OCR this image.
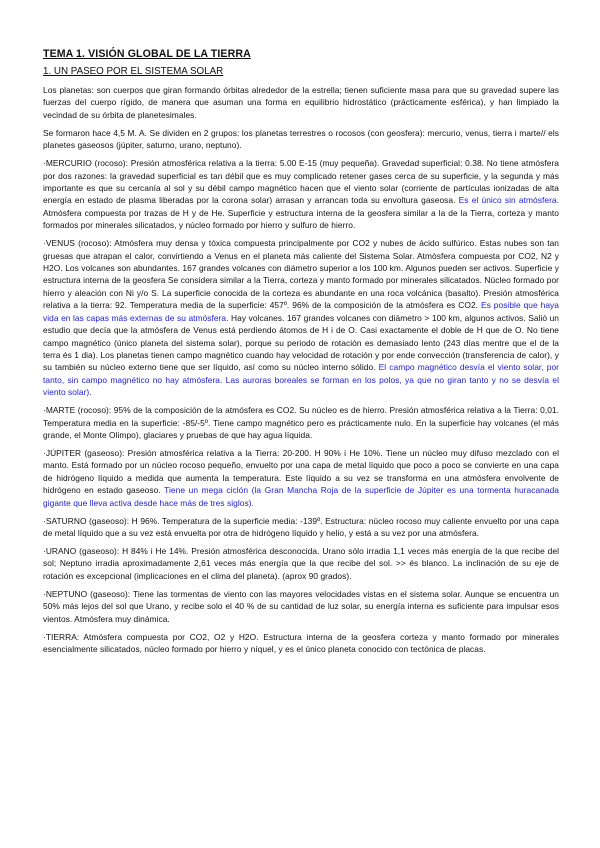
TEMA 1. VISIÓN GLOBAL DE LA TIERRA
1. UN PASEO POR EL SISTEMA SOLAR

Los planetas: son cuerpos que giran formando órbitas alrededor de la estrella; tienen suficiente masa para que su gravedad supere las fuerzas del cuerpo rígido, de manera que asuman una forma en equilibrio hidrostático (prácticamente esférica), y han limpiado la vecindad de su órbita de planetesimales.

Se formaron hace 4,5 M. A. Se dividen en 2 grupos: los planetas terrestres o rocosos (con geosfera): mercurio, venus, tierra i marte// els planetes gaseosos (júpiter, saturno, urano, neptuno).

·MERCURIO (rocoso): Presión atmosférica relativa a la tierra: 5.00 E-15 (muy pequeña). Gravedad superficial: 0.38. No tiene atmósfera por dos razones: la gravedad superficial es tan débil que es muy complicado retener gases cerca de su superficie, y la segunda y más importante es que su cercanía al sol y su débil campo magnético hacen que el viento solar (corriente de partículas ionizadas de alta energía en estado de plasma liberadas por la corona solar) arrasan y arrancan toda su envoltura gaseosa. Es el único sin atmósfera. Atmósfera compuesta por trazas de H y de He. Superficie y estructura interna de la geosfera similar a la de la Tierra, corteza y manto formados por minerales silicatados, y núcleo formado por hierro y sulfuro de hierro.

·VENUS (rocoso): Atmósfera muy densa y tóxica compuesta principalmente por CO2 y nubes de ácido sulfúrico. Estas nubes son tan gruesas que atrapan el calor, convirtiendo a Venus en el planeta más caliente del Sistema Solar. Atmósfera compuesta por CO2, N2 y H2O. Los volcanes son abundantes. 167 grandes volcanes con diámetro superior a los 100 km. Algunos pueden ser activos. Superficie y estructura interna de la geosfera Se considera similar a la Tierra, corteza y manto formado por minerales silicatados. Núcleo formado por hierro y aleación con Ni y/o S. La superficie conocida de la corteza es abundante en una roca volcánica (basalto). Presión atmosférica relativa a la tierra: 92. Temperatura media de la superficie: 457º. 96% de la composición de la atmósfera es CO2. Es posible que haya vida en las capas más externas de su atmósfera. Hay volcanes. 167 grandes volcanes con diámetro > 100 km, algunos activos. Salió un estudio que decía que la atmósfera de Venus está perdiendo átomos de H i de O. Casi exactamente el doble de H que de O. No tiene campo magnético (único planeta del sistema solar), porque su periodo de rotación es demasiado lento (243 días mentre que el de la terra és 1 dia). Los planetas tienen campo magnético cuando hay velocidad de rotación y por ende convección (transferencia de calor), y su también su núcleo externo tiene que ser líquido, así como su núcleo interno sólido. El campo magnético desvía el viento solar, por tanto, sin campo magnético no hay atmósfera. Las auroras boreales se forman en los polos, ya que no giran tanto y no se desvía el viento solar).

·MARTE (rocoso): 95% de la composición de la atmósfera es CO2. Su núcleo es de hierro. Presión atmosférica relativa a la Tierra: 0,01. Temperatura media en la superficie: -85/-5º. Tiene campo magnético pero es prácticamente nulo. En la superficie hay volcanes (el más grande, el Monte Olimpo), glaciares y pruebas de que hay agua líquida.

·JÚPITER (gaseoso): Presión atmosférica relativa a la Tierra: 20-200. H 90% i He 10%. Tiene un núcleo muy difuso mezclado con el manto. Está formado por un núcleo rocoso pequeño, envuelto por una capa de metal líquido que poco a poco se convierte en una capa de hidrógeno líquido a medida que aumenta la temperatura. Este líquido a su vez se transforma en una atmósfera envolvente de hidrógeno en estado gaseoso. Tiene un mega ciclón (la Gran Mancha Roja de la superficie de Júpiter es una tormenta huracanada gigante que lleva activa desde hace más de tres siglos).

·SATURNO (gaseoso): H 96%. Temperatura de la superficie media: -139º. Estructura: núcleo rocoso muy caliente envuelto por una capa de metal líquido que a su vez está envuelta por otra de hidrógeno líquido y helio, y está a su vez por una atmósfera.

·URANO (gaseoso): H 84% i He 14%. Presión atmosférica desconocida. Urano sólo irradia 1,1 veces más energía de la que recibe del sol; Neptuno irradia aproximadamente 2,61 veces más energía que la que recibe del sol. >> és blanco. La inclinación de su eje de rotación es excepcional (implicaciones en el clima del planeta). (aprox 90 grados).

·NEPTUNO (gaseoso): Tiene las tormentas de viento con las mayores velocidades vistas en el sistema solar. Aunque se encuentra un 50% más lejos del sol que Urano, y recibe solo el 40 % de su cantidad de luz solar, su energía interna es suficiente para impulsar esos vientos. Atmósfera muy dinámica.

·TIERRA: Atmósfera compuesta por CO2, O2 y H2O. Estructura interna de la geosfera corteza y manto formado por minerales esencialmente silicatados, núcleo formado por hierro y níquel, y es el único planeta conocido con tectónica de placas.
